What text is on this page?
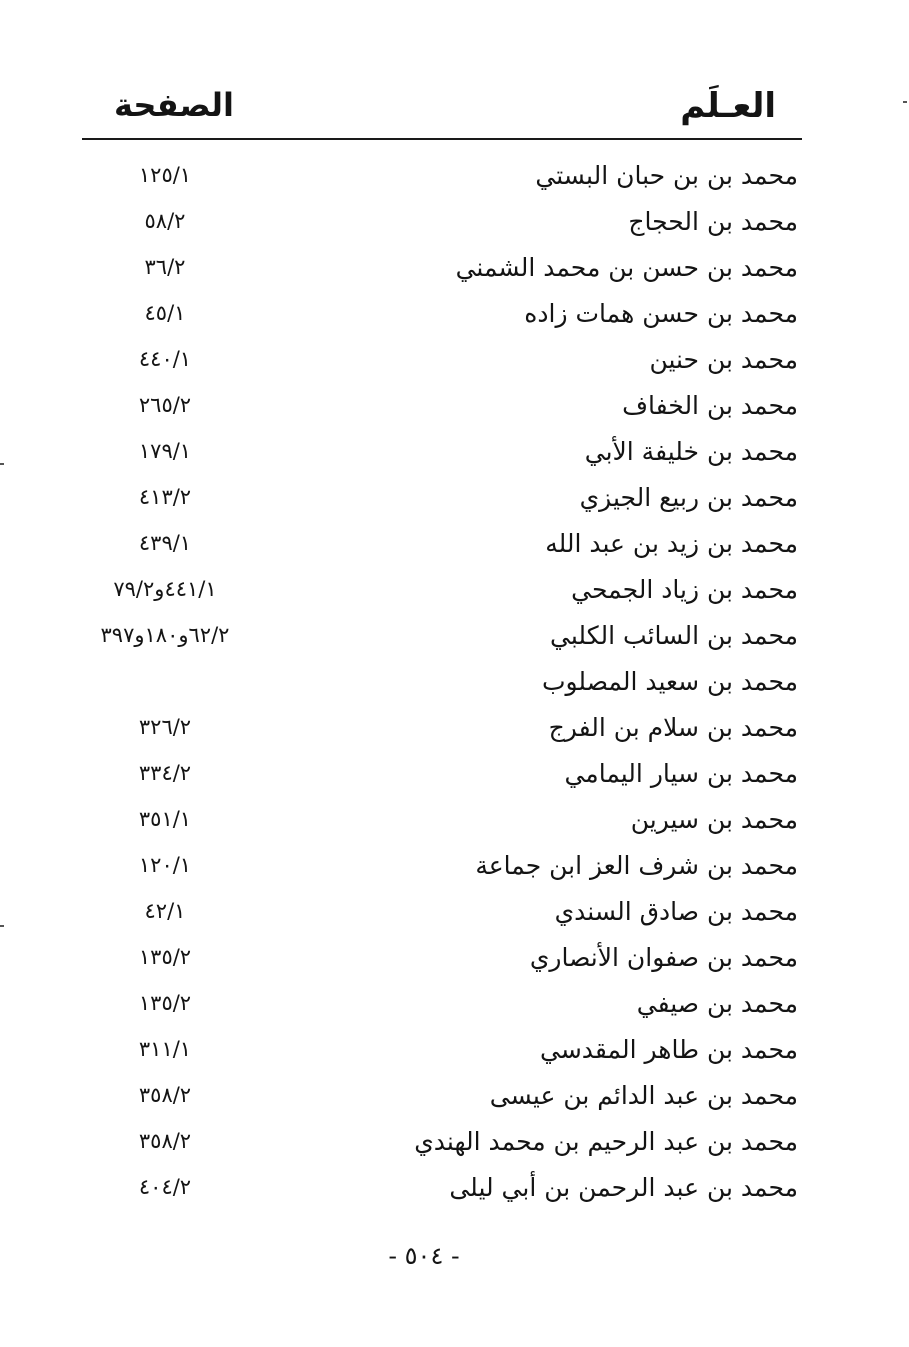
العـلَم
الصفحة
محمد بن بن حبان البستي
١٢٥/١
محمد بن الحجاج
٥٨/٢
محمد بن حسن بن محمد الشمني
٣٦/٢
محمد بن حسن همات زاده
٤٥/١
محمد بن حنين
٤٤٠/١
محمد بن الخفاف
٢٦٥/٢
محمد بن خليفة الأبي
١٧٩/١
محمد بن ربيع الجيزي
٤١٣/٢
محمد بن زيد بن عبد الله
٤٣٩/١
محمد بن زياد الجمحي
٤٤١/١و٧٩/٢
محمد بن السائب الكلبي
٦٢/٢و١٨٠و٣٩٧
محمد بن سعيد المصلوب
محمد بن سلام بن الفرج
٣٢٦/٢
محمد بن سيار اليمامي
٣٣٤/٢
محمد بن سيرين
٣٥١/١
محمد بن شرف العز ابن جماعة
١٢٠/١
محمد بن صادق السندي
٤٢/١
محمد بن صفوان الأنصاري
١٣٥/٢
محمد بن صيفي
١٣٥/٢
محمد بن طاهر المقدسي
٣١١/١
محمد بن عبد الدائم بن عيسى
٣٥٨/٢
محمد بن عبد الرحيم بن محمد الهندي
٣٥٨/٢
محمد بن عبد الرحمن بن أبي ليلى
٤٠٤/٢
- ٥٠٤ -
